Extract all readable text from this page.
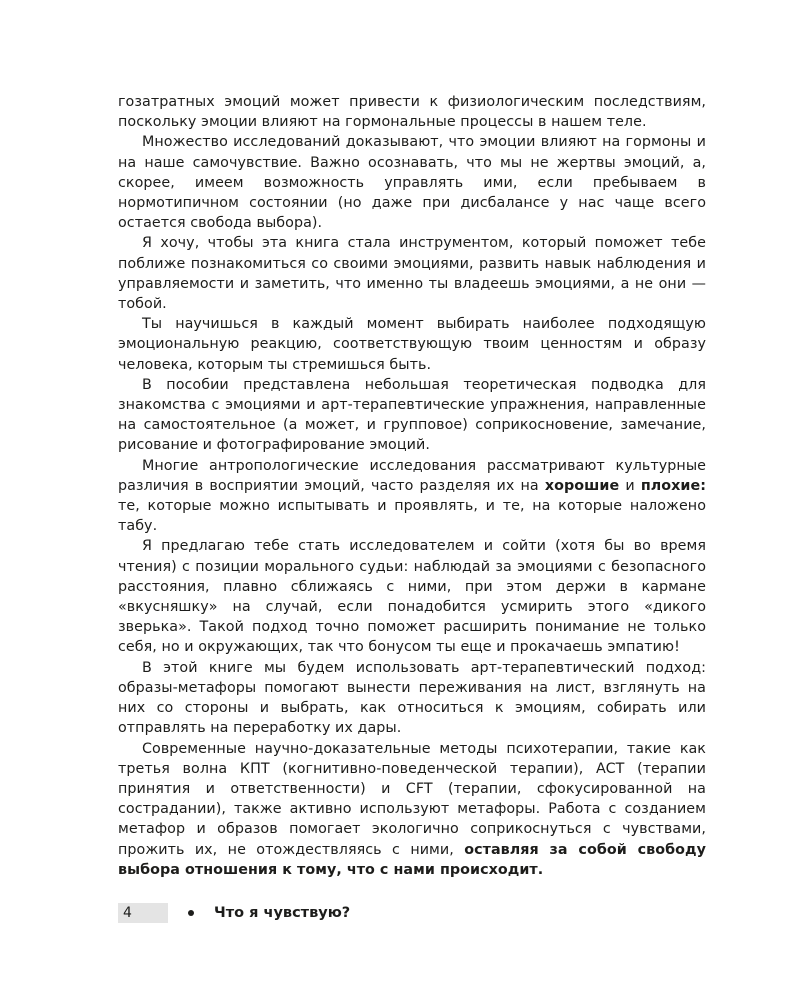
гозатратных эмоций может привести к физиологическим последствиям, поскольку эмоции влияют на гормональные процессы в нашем теле.

Множество исследований доказывают, что эмоции влияют на гормоны и на наше самочувствие. Важно осознавать, что мы не жертвы эмоций, а, скорее, имеем возможность управлять ими, если пребываем в нормотипичном состоянии (но даже при дисбалансе у нас чаще всего остается свобода выбора).

Я хочу, чтобы эта книга стала инструментом, который поможет тебе поближе познакомиться со своими эмоциями, развить навык наблюдения и управляемости и заметить, что именно ты владеешь эмоциями, а не они — тобой.

Ты научишься в каждый момент выбирать наиболее подходящую эмоциональную реакцию, соответствующую твоим ценностям и образу человека, которым ты стремишься быть.

В пособии представлена небольшая теоретическая подводка для знакомства с эмоциями и арт-терапевтические упражнения, направленные на самостоятельное (а может, и групповое) соприкосновение, замечание, рисование и фотографирование эмоций.

Многие антропологические исследования рассматривают культурные различия в восприятии эмоций, часто разделяя их на хорошие и плохие: те, которые можно испытывать и проявлять, и те, на которые наложено табу.

Я предлагаю тебе стать исследователем и сойти (хотя бы во время чтения) с позиции морального судьи: наблюдай за эмоциями с безопасного расстояния, плавно сближаясь с ними, при этом держи в кармане «вкусняшку» на случай, если понадобится усмирить этого «дикого зверька». Такой подход точно поможет расширить понимание не только себя, но и окружающих, так что бонусом ты еще и прокачаешь эмпатию!

В этой книге мы будем использовать арт-терапевтический подход: образы-метафоры помогают вынести переживания на лист, взглянуть на них со стороны и выбрать, как относиться к эмоциям, собирать или отправлять на переработку их дары.

Современные научно-доказательные методы психотерапии, такие как третья волна КПТ (когнитивно-поведенческой терапии), ACT (терапии принятия и ответственности) и CFT (терапии, сфокусированной на сострадании), также активно используют метафоры. Работа с созданием метафор и образов помогает экологично соприкоснуться с чувствами, прожить их, не отождествляясь с ними, оставляя за собой свободу выбора отношения к тому, что с нами происходит.

4	Что я чувствую?
